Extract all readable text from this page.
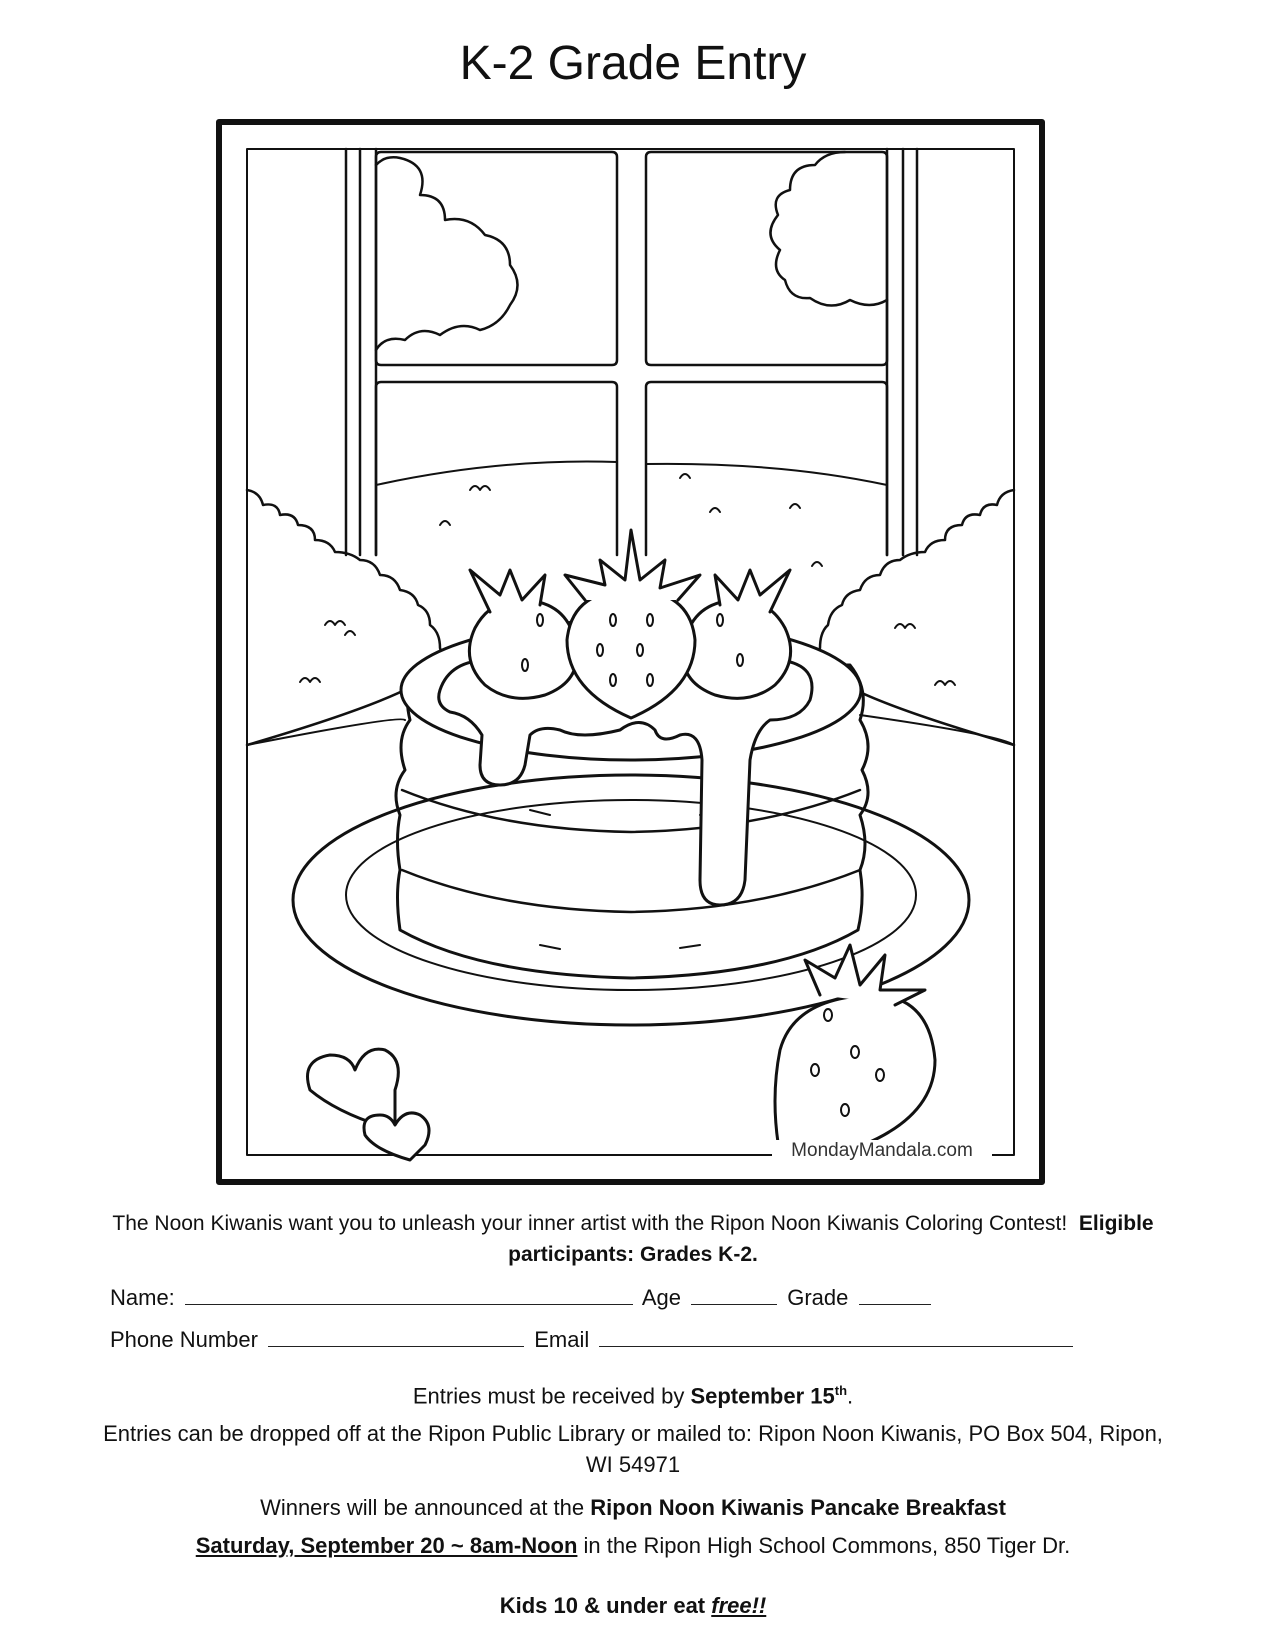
K-2 Grade Entry
MondayMandala.com
The Noon Kiwanis want you to unleash your inner artist with the Ripon Noon Kiwanis Coloring Contest! Eligible
participants: Grades K-2.
Name:	Age	Grade
Phone Number	Email
Entries must be received by September 15th.
Entries can be dropped off at the Ripon Public Library or mailed to: Ripon Noon Kiwanis, PO Box 504, Ripon,
WI 54971
Winners will be announced at the Ripon Noon Kiwanis Pancake Breakfast
Saturday, September 20 ~ 8am-Noon in the Ripon High School Commons, 850 Tiger Dr.
Kids 10 & under eat free!!
